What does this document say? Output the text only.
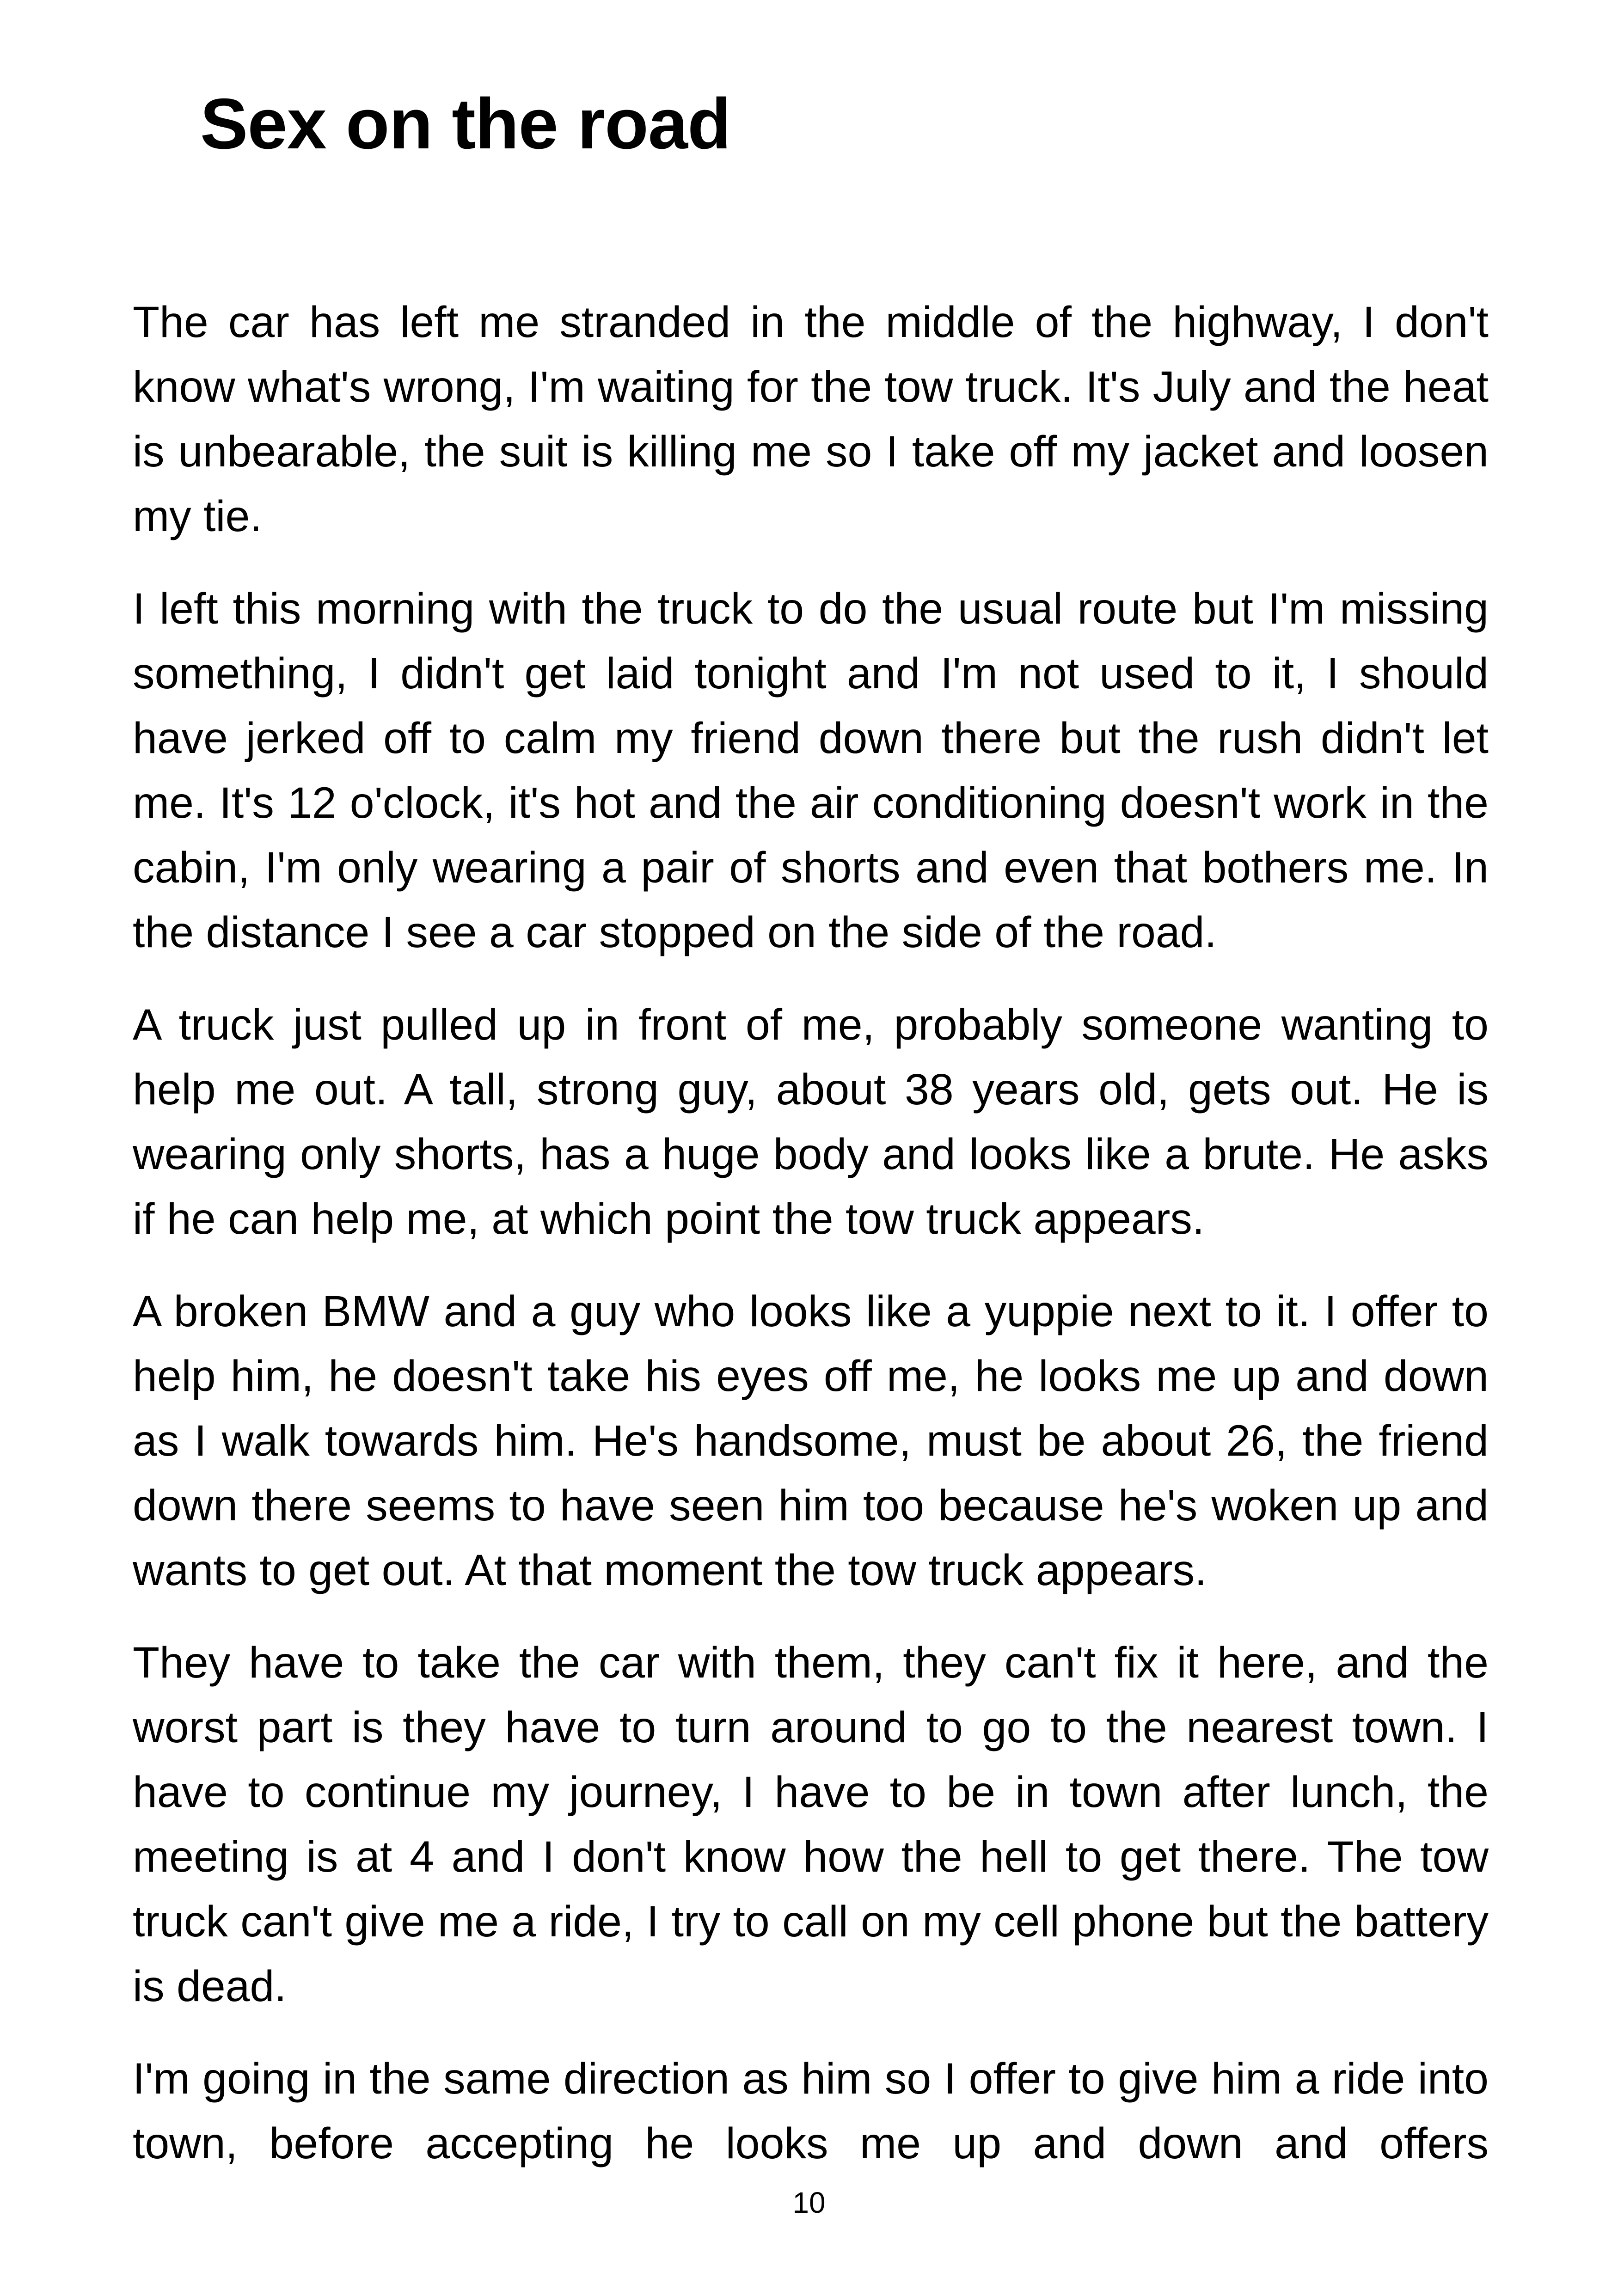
Sex on the road

The car has left me stranded in the middle of the highway, I don't know what's wrong, I'm waiting for the tow truck. It's July and the heat is unbearable, the suit is killing me so I take off my jacket and loosen my tie.

I left this morning with the truck to do the usual route but I'm missing something, I didn't get laid tonight and I'm not used to it, I should have jerked off to calm my friend down there but the rush didn't let me. It's 12 o'clock, it's hot and the air conditioning doesn't work in the cabin, I'm only wearing a pair of shorts and even that bothers me. In the distance I see a car stopped on the side of the road.

A truck just pulled up in front of me, probably someone wanting to help me out. A tall, strong guy, about 38 years old, gets out. He is wearing only shorts, has a huge body and looks like a brute. He asks if he can help me, at which point the tow truck appears.

A broken BMW and a guy who looks like a yuppie next to it. I offer to help him, he doesn't take his eyes off me, he looks me up and down as I walk towards him. He's handsome, must be about 26, the friend down there seems to have seen him too because he's woken up and wants to get out. At that moment the tow truck appears.

They have to take the car with them, they can't fix it here, and the worst part is they have to turn around to go to the nearest town. I have to continue my journey, I have to be in town after lunch, the meeting is at 4 and I don't know how the hell to get there. The tow truck can't give me a ride, I try to call on my cell phone but the battery is dead.

I'm going in the same direction as him so I offer to give him a ride into town, before accepting he looks me up and down and offers

10
